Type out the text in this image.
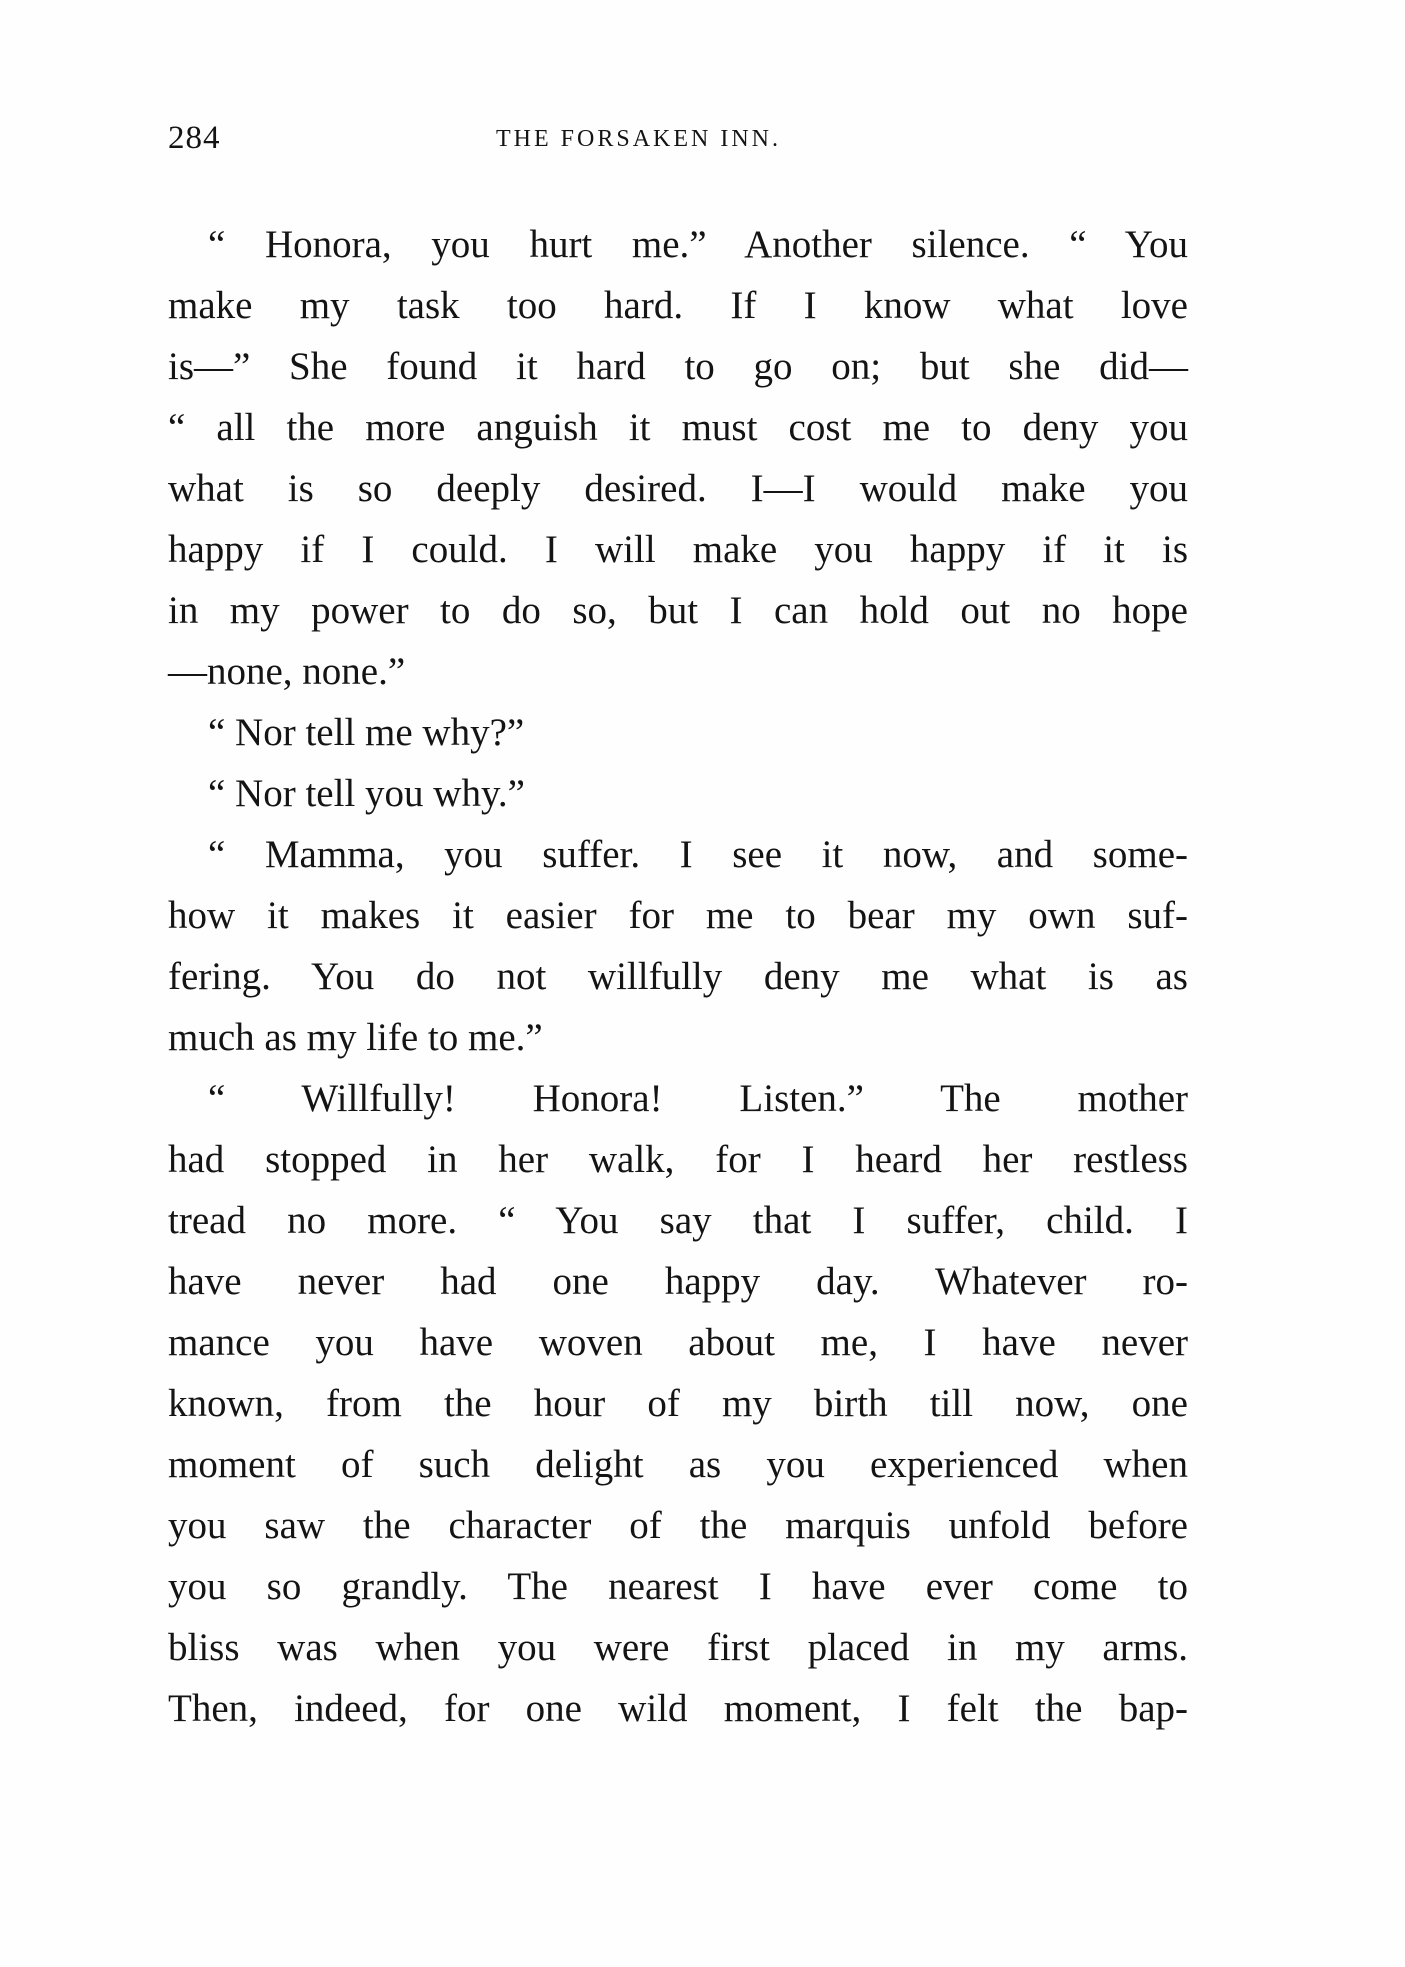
284	THE FORSAKEN INN.
“ Honora, you hurt me.” Another silence. “ You
make my task too hard. If I know what love
is—” She found it hard to go on; but she did—
“ all the more anguish it must cost me to deny you
what is so deeply desired. I—I would make you
happy if I could. I will make you happy if it is
in my power to do so, but I can hold out no hope
—none, none.”
“ Nor tell me why?”
“ Nor tell you why.”
“ Mamma, you suffer. I see it now, and some-
how it makes it easier for me to bear my own suf-
fering. You do not willfully deny me what is as
much as my life to me.”
“ Willfully! Honora! Listen.” The mother
had stopped in her walk, for I heard her restless
tread no more. “ You say that I suffer, child. I
have never had one happy day. Whatever ro-
mance you have woven about me, I have never
known, from the hour of my birth till now, one
moment of such delight as you experienced when
you saw the character of the marquis unfold before
you so grandly. The nearest I have ever come to
bliss was when you were first placed in my arms.
Then, indeed, for one wild moment, I felt the bap-
